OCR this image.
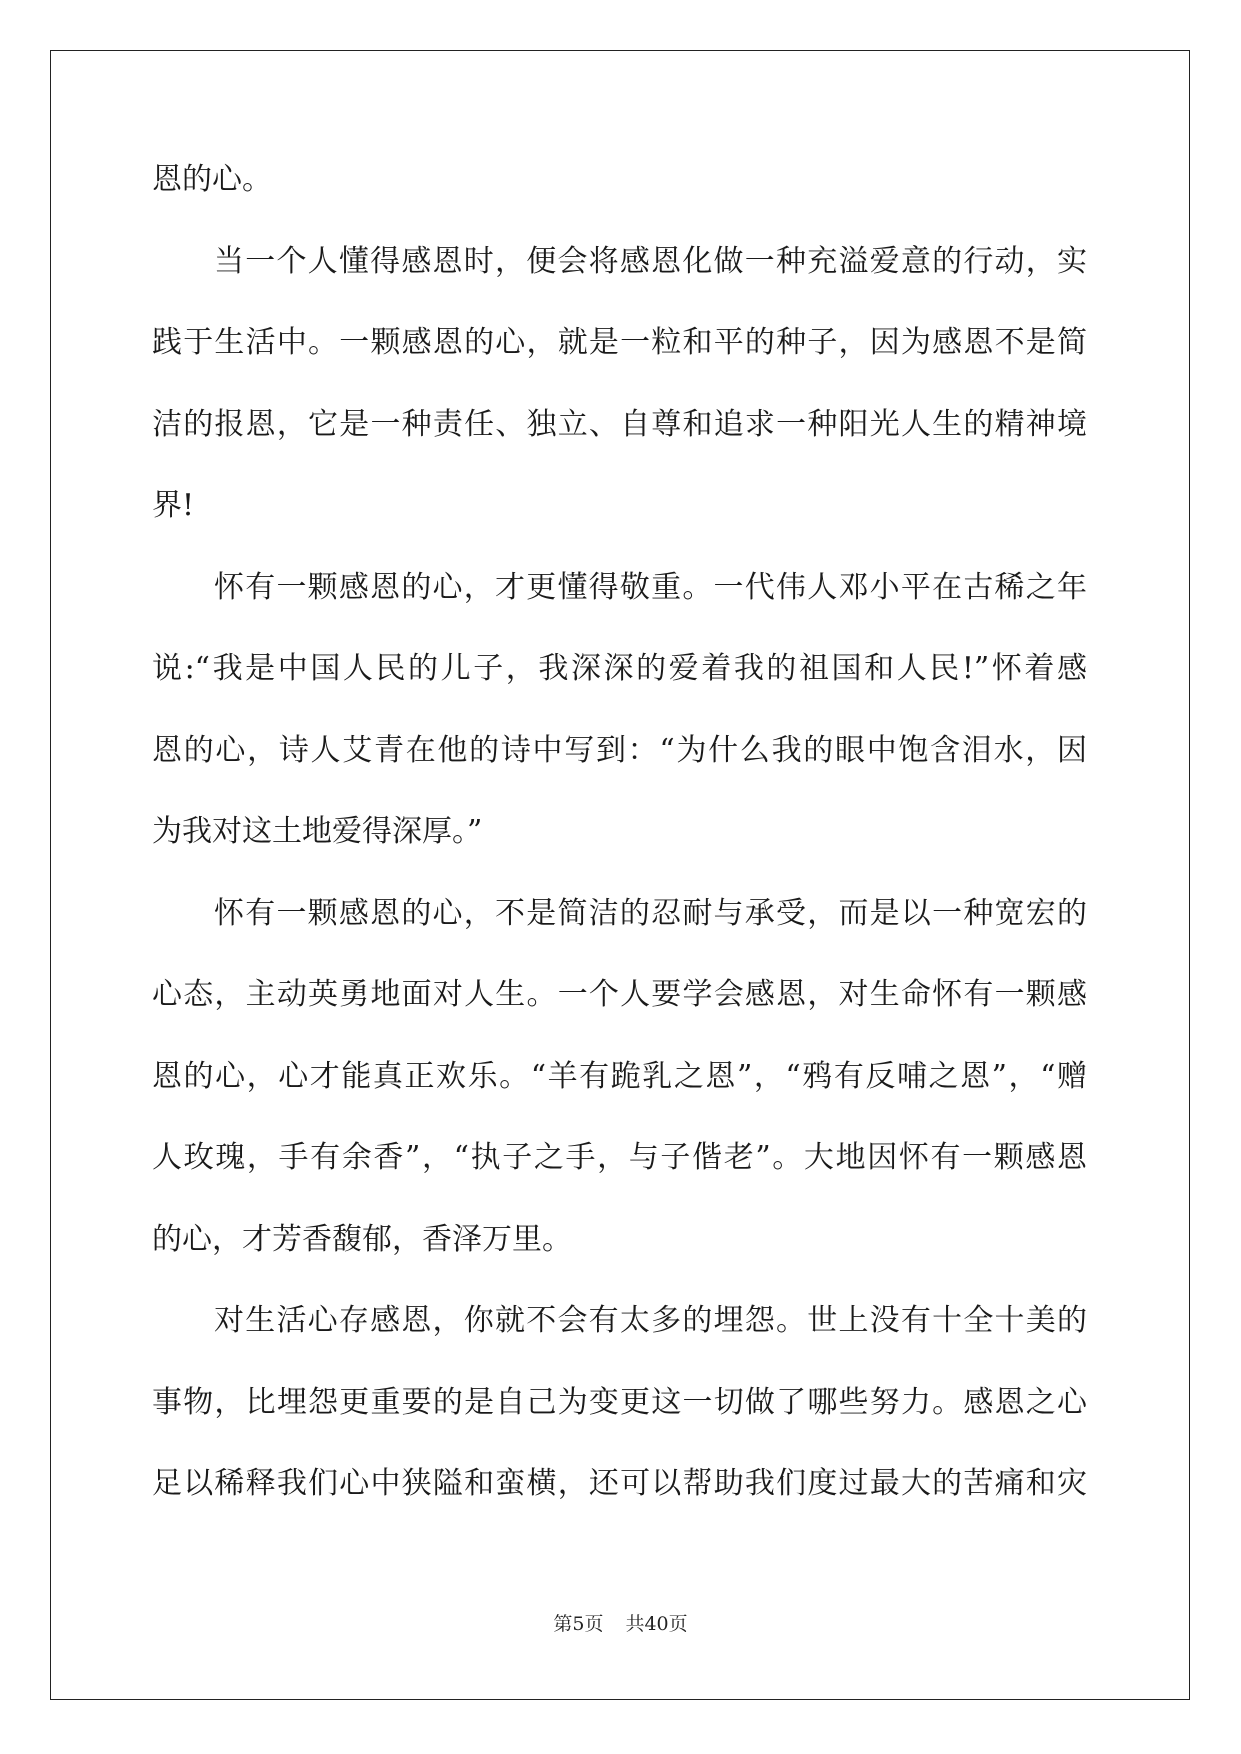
恩的心。
当一个人懂得感恩时，便会将感恩化做一种充溢爱意的行动，实
践于生活中。一颗感恩的心，就是一粒和平的种子，因为感恩不是简
洁的报恩，它是一种责任、独立、自尊和追求一种阳光人生的精神境
界!
怀有一颗感恩的心，才更懂得敬重。一代伟人邓小平在古稀之年
说:“我是中国人民的儿子，我深深的爱着我的祖国和人民!”怀着感
恩的心，诗人艾青在他的诗中写到：“为什么我的眼中饱含泪水，因
为我对这土地爱得深厚。”
怀有一颗感恩的心，不是简洁的忍耐与承受，而是以一种宽宏的
心态，主动英勇地面对人生。一个人要学会感恩，对生命怀有一颗感
恩的心，心才能真正欢乐。“羊有跪乳之恩”，“鸦有反哺之恩”，“赠
人玫瑰，手有余香”，“执子之手，与子偕老”。大地因怀有一颗感恩
的心，才芳香馥郁，香泽万里。
对生活心存感恩，你就不会有太多的埋怨。世上没有十全十美的
事物，比埋怨更重要的是自己为变更这一切做了哪些努力。感恩之心
足以稀释我们心中狭隘和蛮横，还可以帮助我们度过最大的苦痛和灾
第5页 共40页
